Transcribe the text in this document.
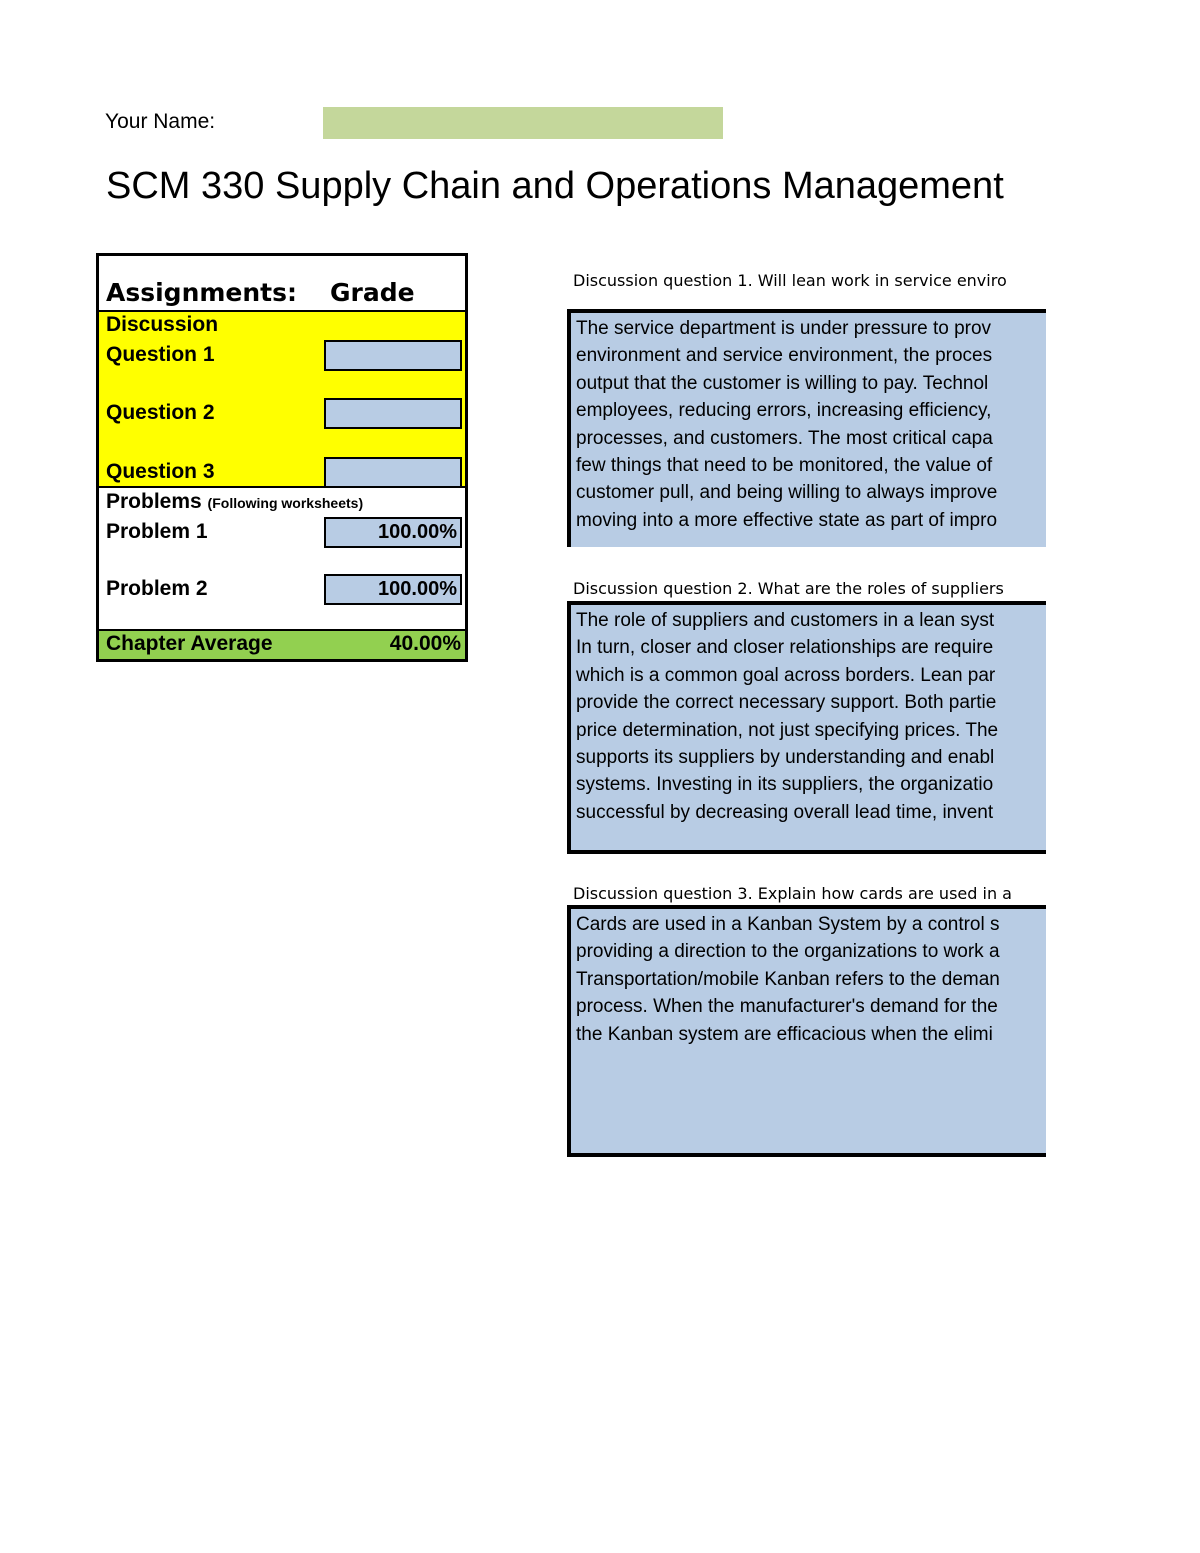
Your Name:
SCM 330 Supply Chain and Operations Management
Assignments: Grade
Discussion
Question 1
Question 2
Question 3
Problems (Following worksheets)
Problem 1	100.00%
Problem 2	100.00%
Chapter Average	40.00%
Discussion question 1. Will lean work in service enviro

The service department is under pressure to prov
environment and service environment, the proces
output that the customer is willing to pay. Technol
employees, reducing errors, increasing efficiency,
processes, and customers. The most critical capa
few things that need to be monitored, the value of
customer pull, and being willing to always improve
moving into a more effective state as part of impro

Discussion question 2. What are the roles of suppliers

The role of suppliers and customers in a lean syst
In turn, closer and closer relationships are require
which is a common goal across borders. Lean par
provide the correct necessary support. Both partie
price determination, not just specifying prices. The
supports its suppliers by understanding and enabl
systems. Investing in its suppliers, the organizatio
successful by decreasing overall lead time, invent

Discussion question 3. Explain how cards are used in a

Cards are used in a Kanban System by a control s
providing a direction to the organizations to work a
Transportation/mobile Kanban refers to the deman
process. When the manufacturer's demand for the
the Kanban system are efficacious when the elimi
